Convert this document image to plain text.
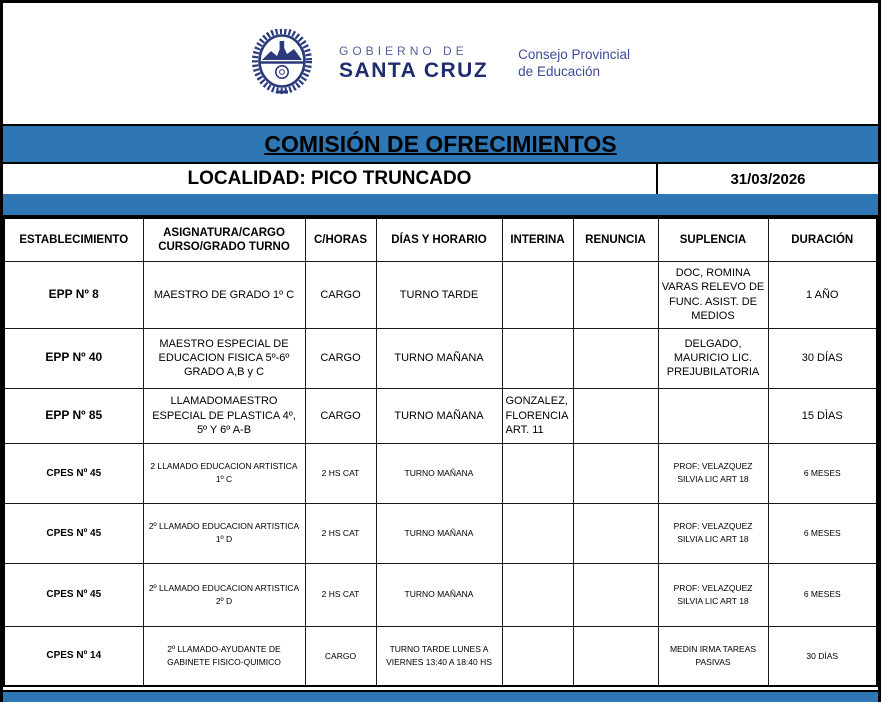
GOBIERNO DE
SANTA CRUZ
Consejo Provincial
de Educación
COMISIÓN DE OFRECIMIENTOS
LOCALIDAD: PICO TRUNCADO	31/03/2026
ESTABLECIMIENTO	ASIGNATURA/CARGO CURSO/GRADO TURNO	C/HORAS	DÍAS Y HORARIO	INTERINA	RENUNCIA	SUPLENCIA	DURACIÓN
EPP Nº 8	MAESTRO DE GRADO 1º C	CARGO	TURNO TARDE			DOC, ROMINA VARAS RELEVO DE FUNC. ASIST. DE MEDIOS	1 AÑO
EPP Nº 40	MAESTRO ESPECIAL DE EDUCACION FISICA 5º-6º GRADO A,B y C	CARGO	TURNO MAÑANA			DELGADO, MAURICIO LIC. PREJUBILATORIA	30 DÍAS
EPP Nº 85	LLAMADOMAESTRO ESPECIAL DE PLASTICA 4º, 5º Y 6º A-B	CARGO	TURNO MAÑANA	GONZALEZ, FLORENCIA ART. 11			15 DÌAS
CPES Nº 45	2 LLAMADO EDUCACION ARTISTICA 1º C	2 HS CAT	TURNO MAÑANA			PROF: VELAZQUEZ SILVIA LIC ART 18	6 MESES
CPES Nº 45	2º LLAMADO EDUCACION ARTISTICA 1º D	2 HS CAT	TURNO MAÑANA			PROF: VELAZQUEZ SILVIA LIC ART 18	6 MESES
CPES Nº 45	2º LLAMADO EDUCACION ARTISTICA 2º D	2 HS CAT	TURNO MAÑANA			PROF: VELAZQUEZ SILVIA LIC ART 18	6 MESES
CPES Nº 14	2º LLAMADO-AYUDANTE DE GABINETE FISICO-QUIMICO	CARGO	TURNO TARDE LUNES A VIERNES 13:40 A 18:40 HS			MEDIN IRMA TAREAS PASIVAS	30 DÌAS
